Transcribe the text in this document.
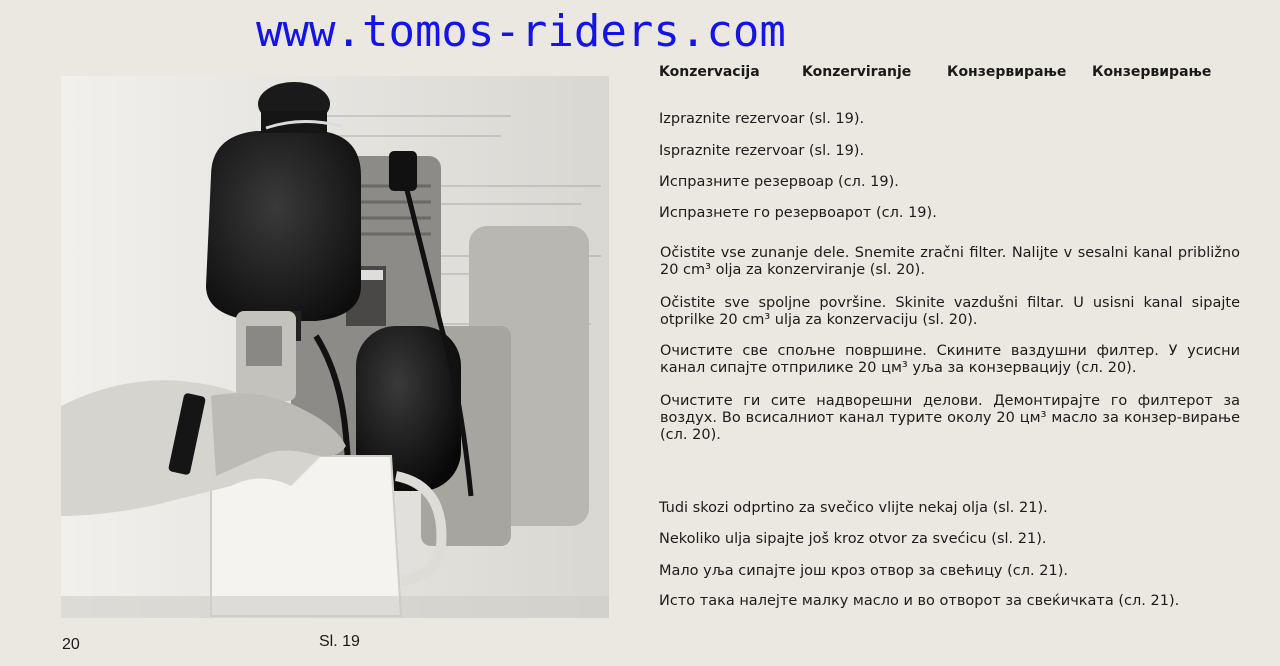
www.tomos-riders.com
Konzervacija	Konzerviranje	Конзервирање Конзервирање
Izpraznite rezervoar (sl. 19).
Ispraznite rezervoar (sl. 19).
Испразните резервоар (сл. 19).
Испразнете го резервоарот (сл. 19).
Očistite vse zunanje dele. Snemite zračni filter. Nalijte v sesalni kanal približno 20 cm³ olja za konzerviranje (sl. 20).
Očistite sve spoljne površine. Skinite vazdušni filtar. U usisni kanal sipajte otprilke 20 cm³ ulja za konzervaciju (sl. 20).
Очистите све спољне површине. Скините ваздушни филтер. У усисни канал сипајте отприлике 20 цм³ уља за конзервацију (сл. 20).
Очистите ги сите надворешни делови. Демонтирајте го филтерот за воздух. Во всисалниот канал турите околу 20 цм³ масло за конзер-вирање (сл. 20).
Tudi skozi odprtino za svečico vlijte nekaj olja (sl. 21).
Nekoliko ulja sipajte još kroz otvor za svećicu (sl. 21).
Мало уља сипајте још кроз отвор за свећицу (сл. 21).
Исто така налејте малку масло и во отворот за свеќичката (сл. 21).
20	Sl. 19
